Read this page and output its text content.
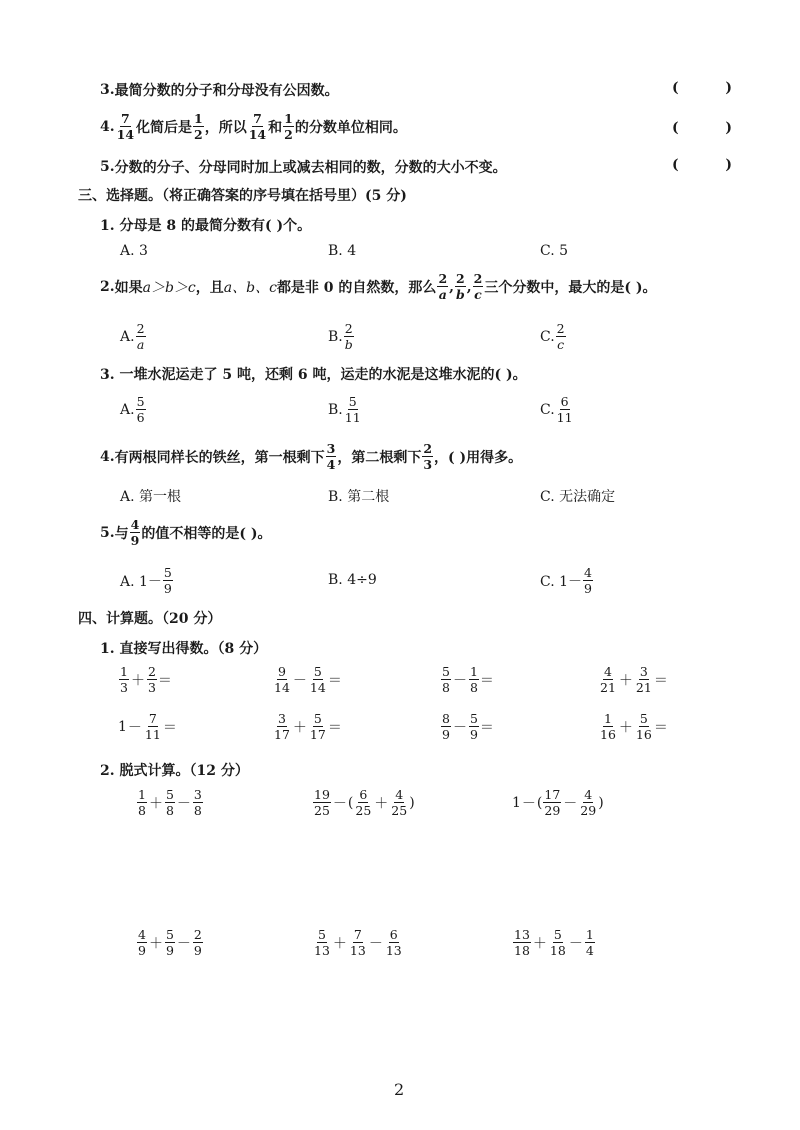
3. 最简分数的分子和分母没有公因数。	(	)
4. $\frac{7}{14}$ 化简后是 $\frac{1}{2}$ ，所以 $\frac{7}{14}$ 和 $\frac{1}{2}$ 的分数单位相同。	(	)
5. 分数的分子、分母同时加上或减去相同的数，分数的大小不变。	(	)
三、选择题。（将正确答案的序号填在括号里）(5 分)
1. 分母是 8 的最简分数有( )个。
A. 3	B. 4	C. 5
2. 如果 a＞b＞c ，且 a、b、c 都是非 0 的自然数，那么 $\frac{2}{a}$ , $\frac{2}{b}$ , $\frac{2}{c}$ 三个分数中，最大的是( )。
A. $\frac{2}{a}$	B. $\frac{2}{b}$	C. $\frac{2}{c}$
3. 一堆水泥运走了 5 吨，还剩 6 吨，运走的水泥是这堆水泥的( )。
A. $\frac{5}{6}$	B. $\frac{5}{11}$	C. $\frac{6}{11}$
4. 有两根同样长的铁丝，第一根剩下 $\frac{3}{4}$ ，第二根剩下 $\frac{2}{3}$ ，( )用得多。
A. 第一根	B. 第二根	C. 无法确定
5. 与 $\frac{4}{9}$ 的值不相等的是( )。
A. $1- \frac{5}{9}$	B. 4÷9	C. $1- \frac{4}{9}$
四、计算题。（20 分）
1. 直接写出得数。（8 分）
$\frac{1}{3} + \frac{2}{3}$ ＝	$\frac{9}{14} - \frac{5}{14}$ ＝	$\frac{5}{8} - \frac{1}{8}$ ＝	$\frac{4}{21} + \frac{3}{21}$ ＝
$1 - \frac{7}{11}$ ＝	$\frac{3}{17} + \frac{5}{17}$ ＝	$\frac{8}{9} - \frac{5}{9}$ ＝	$\frac{1}{16} + \frac{5}{16}$ ＝
2. 脱式计算。（12 分）
$\frac{1}{8} + \frac{5}{8} - \frac{3}{8}$	$\frac{19}{25}$ － ( $\frac{6}{25} + \frac{4}{25}$ )	1 － ( $\frac{17}{29} - \frac{4}{29}$ )
$\frac{4}{9} + \frac{5}{9} - \frac{2}{9}$	$\frac{5}{13} + \frac{7}{13} - \frac{6}{13}$	$\frac{13}{18} + \frac{5}{18} - \frac{1}{4}$
2
